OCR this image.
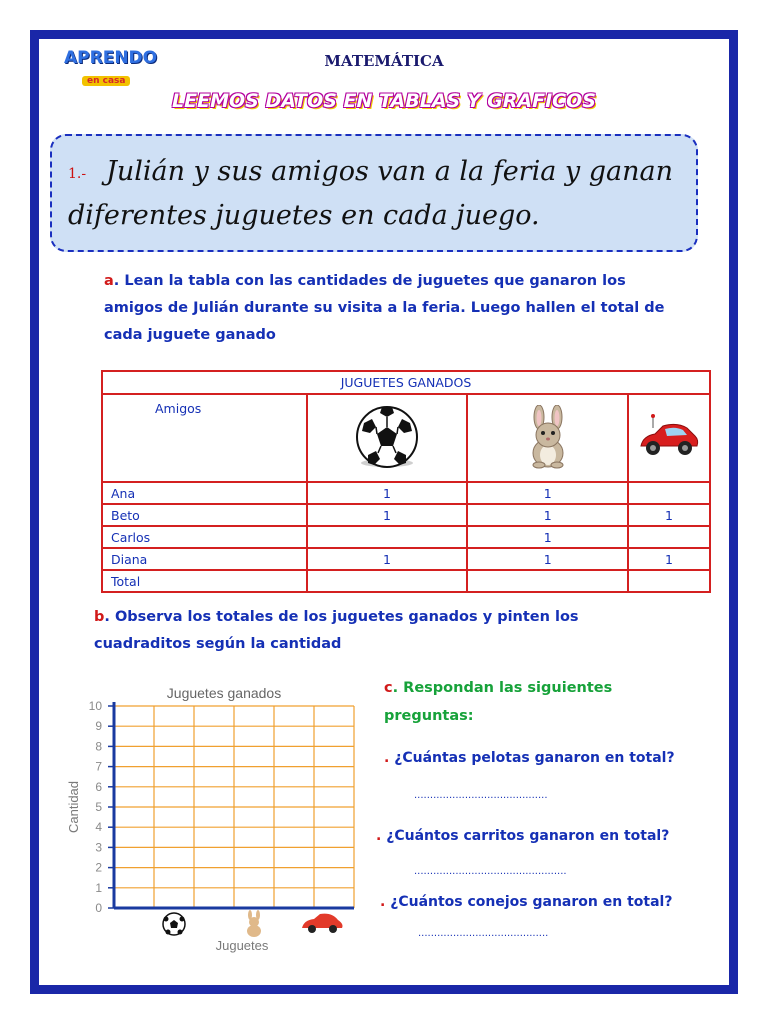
APRENDO
en casa
MATEMÁTICA
LEEMOS DATOS EN TABLAS Y GRAFICOS
1.- Julián y sus amigos van a la feria y ganan diferentes juguetes en cada juego.
a. Lean la tabla con las cantidades de juguetes que ganaron los amigos de Julián durante su visita a la feria. Luego hallen el total de cada juguete ganado
JUGUETES GANADOS			
Amigos			
Ana	1	1	
Beto	1	1	1
Carlos		1	
Diana	1	1	1
Total			
b. Observa los totales de los juguetes ganados y pinten los cuadraditos según la cantidad
0
1
2
3
4
5
6
7
8
9
10
Juguetes ganados
Juguetes
Cantidad
c. Respondan las siguientes preguntas:
. ¿Cuántas pelotas ganaron en total?
..........................................
. ¿Cuántos carritos ganaron en total?
................................................
. ¿Cuántos conejos ganaron en total?
.........................................
